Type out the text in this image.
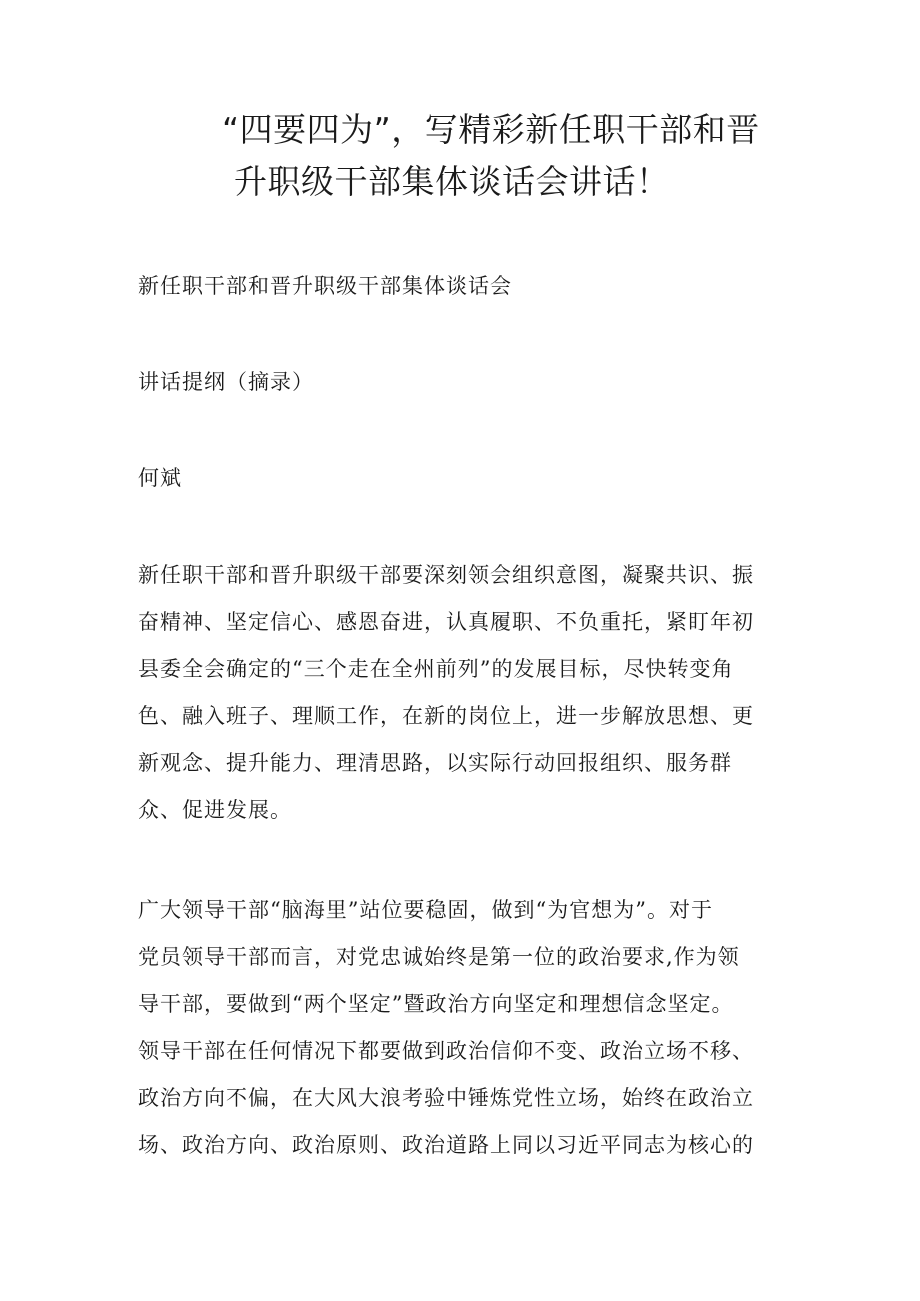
“四要四为”，写精彩新任职干部和晋
升职级干部集体谈话会讲话！

新任职干部和晋升职级干部集体谈话会

讲话提纲（摘录）

何斌

新任职干部和晋升职级干部要深刻领会组织意图，凝聚共识、振
奋精神、坚定信心、感恩奋进，认真履职、不负重托，紧盯年初
县委全会确定的“三个走在全州前列”的发展目标，尽快转变角
色、融入班子、理顺工作，在新的岗位上，进一步解放思想、更
新观念、提升能力、理清思路，以实际行动回报组织、服务群
众、促进发展。
广大领导干部“脑海里”站位要稳固，做到“为官想为”。对于
党员领导干部而言，对党忠诚始终是第一位的政治要求,作为领
导干部，要做到“两个坚定”暨政治方向坚定和理想信念坚定。
领导干部在任何情况下都要做到政治信仰不变、政治立场不移、
政治方向不偏，在大风大浪考验中锤炼党性立场，始终在政治立
场、政治方向、政治原则、政治道路上同以习近平同志为核心的
